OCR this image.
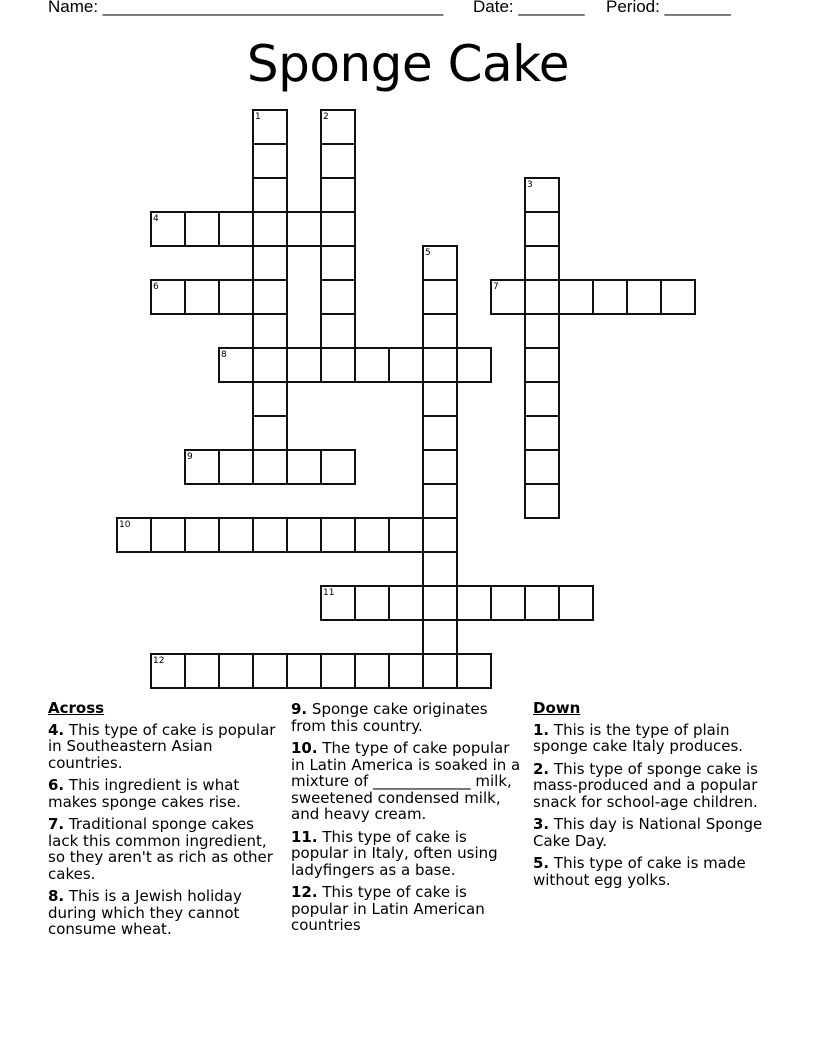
Name: ____________________________________ Date: _______ Period: _______
Sponge Cake
1	2
3
4
5
6	7
8
9
10
11
12
Across
4. This type of cake is popular in Southeastern Asian countries.
6. This ingredient is what makes sponge cakes rise.
7. Traditional sponge cakes lack this common ingredient, so they aren't as rich as other cakes.
8. This is a Jewish holiday during which they cannot consume wheat.
9. Sponge cake originates from this country.
10. The type of cake popular in Latin America is soaked in a mixture of _____________ milk, sweetened condensed milk, and heavy cream.
11. This type of cake is popular in Italy, often using ladyfingers as a base.
12. This type of cake is popular in Latin American countries
Down
1. This is the type of plain sponge cake Italy produces.
2. This type of sponge cake is mass-produced and a popular snack for school-age children.
3. This day is National Sponge Cake Day.
5. This type of cake is made without egg yolks.
